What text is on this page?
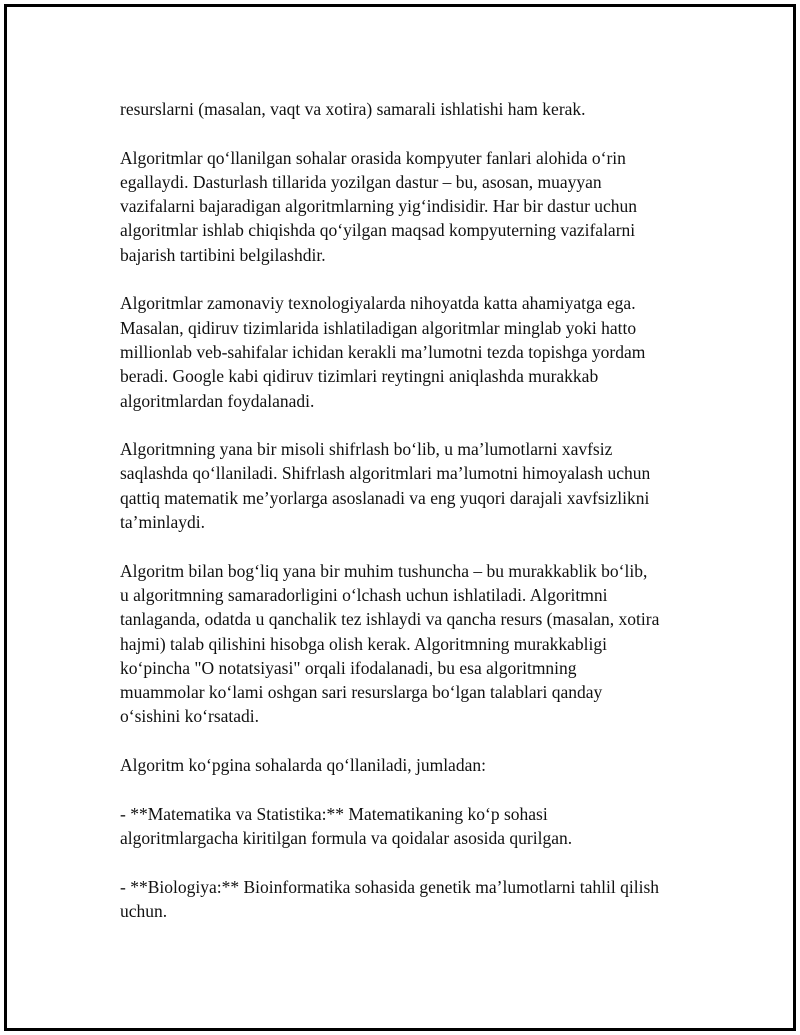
resurslarni (masalan, vaqt va xotira) samarali ishlatishi ham kerak.

Algoritmlar qo‘llanilgan sohalar orasida kompyuter fanlari alohida o‘rin
egallaydi. Dasturlash tillarida yozilgan dastur – bu, asosan, muayyan
vazifalarni bajaradigan algoritmlarning yig‘indisidir. Har bir dastur uchun
algoritmlar ishlab chiqishda qo‘yilgan maqsad kompyuterning vazifalarni
bajarish tartibini belgilashdir.

Algoritmlar zamonaviy texnologiyalarda nihoyatda katta ahamiyatga ega.
Masalan, qidiruv tizimlarida ishlatiladigan algoritmlar minglab yoki hatto
millionlab veb-sahifalar ichidan kerakli ma’lumotni tezda topishga yordam
beradi. Google kabi qidiruv tizimlari reytingni aniqlashda murakkab
algoritmlardan foydalanadi.

Algoritmning yana bir misoli shifrlash bo‘lib, u ma’lumotlarni xavfsiz
saqlashda qo‘llaniladi. Shifrlash algoritmlari ma’lumotni himoyalash uchun
qattiq matematik me’yorlarga asoslanadi va eng yuqori darajali xavfsizlikni
ta’minlaydi.

Algoritm bilan bog‘liq yana bir muhim tushuncha – bu murakkablik bo‘lib,
u algoritmning samaradorligini o‘lchash uchun ishlatiladi. Algoritmni
tanlaganda, odatda u qanchalik tez ishlaydi va qancha resurs (masalan, xotira
hajmi) talab qilishini hisobga olish kerak. Algoritmning murakkabligi
ko‘pincha "O notatsiyasi" orqali ifodalanadi, bu esa algoritmning
muammolar ko‘lami oshgan sari resurslarga bo‘lgan talablari qanday
o‘sishini ko‘rsatadi.

Algoritm ko‘pgina sohalarda qo‘llaniladi, jumladan:

- **Matematika va Statistika:** Matematikaning ko‘p sohasi
algoritmlargacha kiritilgan formula va qoidalar asosida qurilgan.

- **Biologiya:** Bioinformatika sohasida genetik ma’lumotlarni tahlil qilish
uchun.
